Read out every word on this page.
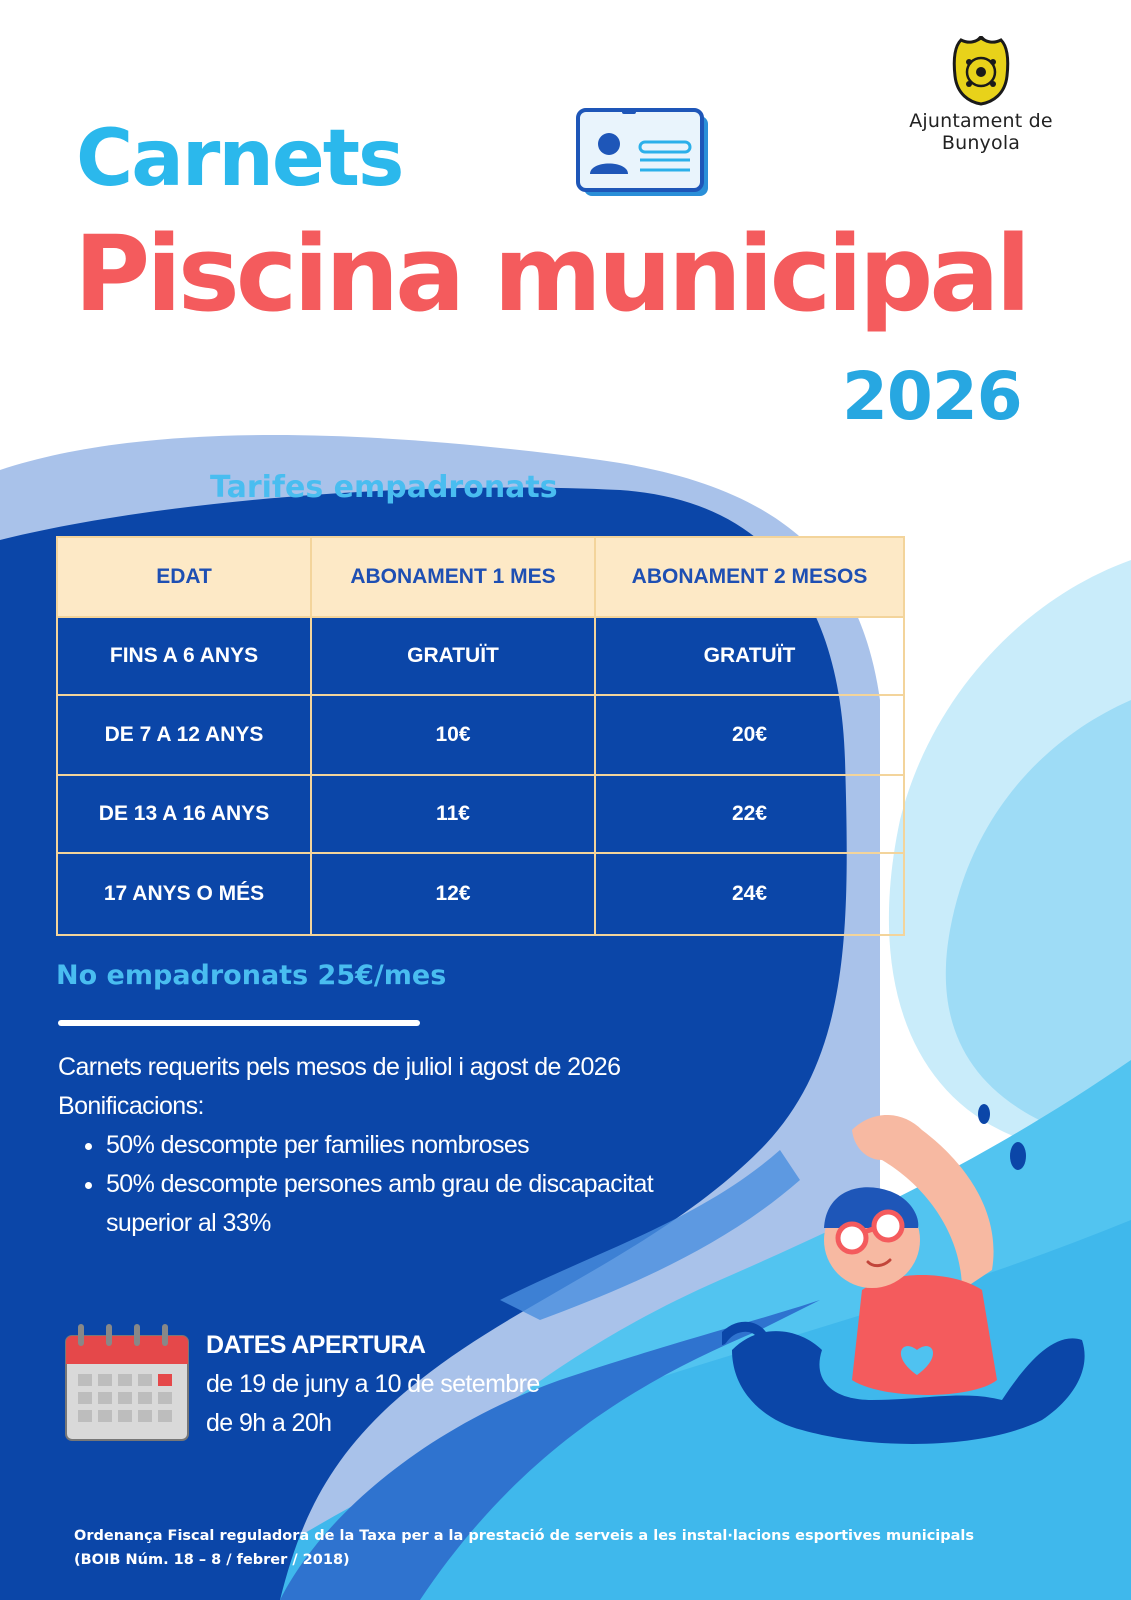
Ajuntament de Bunyola
Carnets
Piscina municipal
2026
Tarifes empadronats
EDAT	ABONAMENT 1 MES	ABONAMENT 2 MESOS
FINS A 6 ANYS	GRATUÏT	GRATUÏT
DE 7 A 12 ANYS	10€	20€
DE 13 A 16 ANYS	11€	22€
17 ANYS O MÉS	12€	24€
No empadronats 25€/mes
Carnets requerits pels mesos de juliol i agost de 2026
Bonificacions:
• 50% descompte per families nombroses
• 50% descompte persones amb grau de discapacitat superior al 33%
DATES APERTURA
de 19 de juny a 10 de setembre
de 9h a 20h
Ordenança Fiscal reguladora de la Taxa per a la prestació de serveis a les instal·lacions esportives municipals
(BOIB Núm. 18 – 8 / febrer / 2018)
